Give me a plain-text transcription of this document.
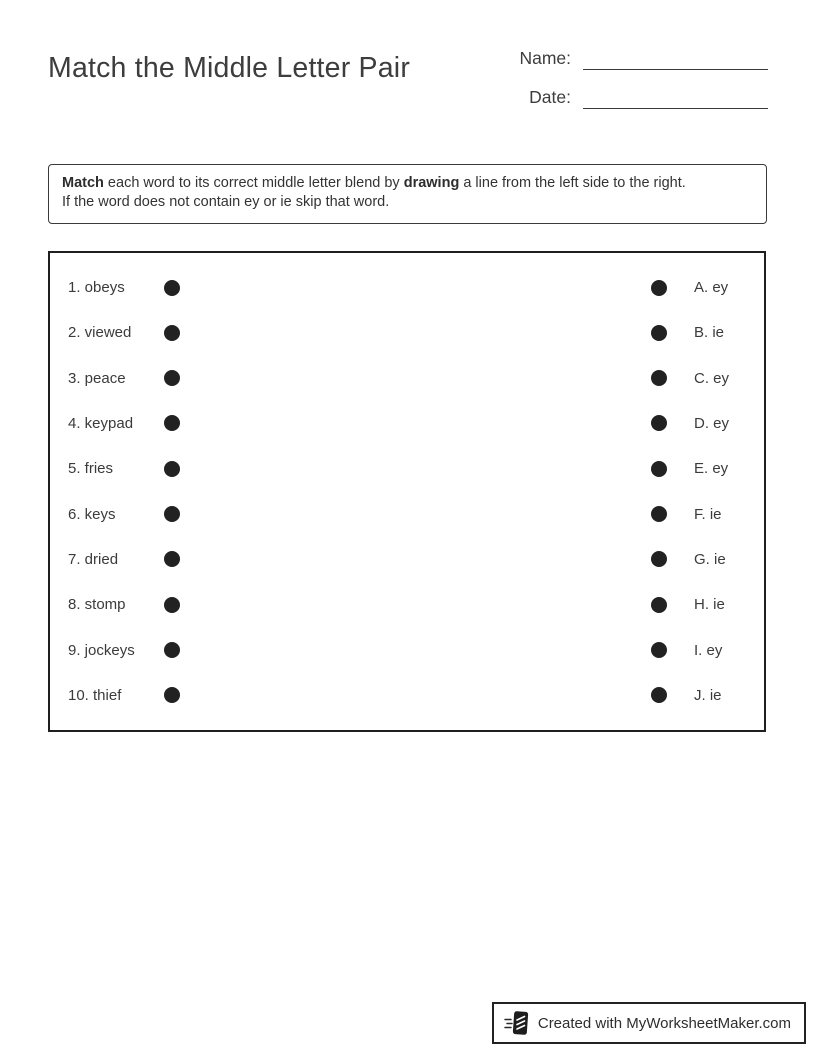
Match the Middle Letter Pair	Name:
Date:
Match each word to its correct middle letter blend by drawing a line from the left side to the right.
If the word does not contain ey or ie skip that word.
1. obeys	A. ey
2. viewed	B. ie
3. peace	C. ey
4. keypad	D. ey
5. fries	E. ey
6. keys	F. ie
7. dried	G. ie
8. stomp	H. ie
9. jockeys	I. ey
10. thief	J. ie
Created with MyWorksheetMaker.com
